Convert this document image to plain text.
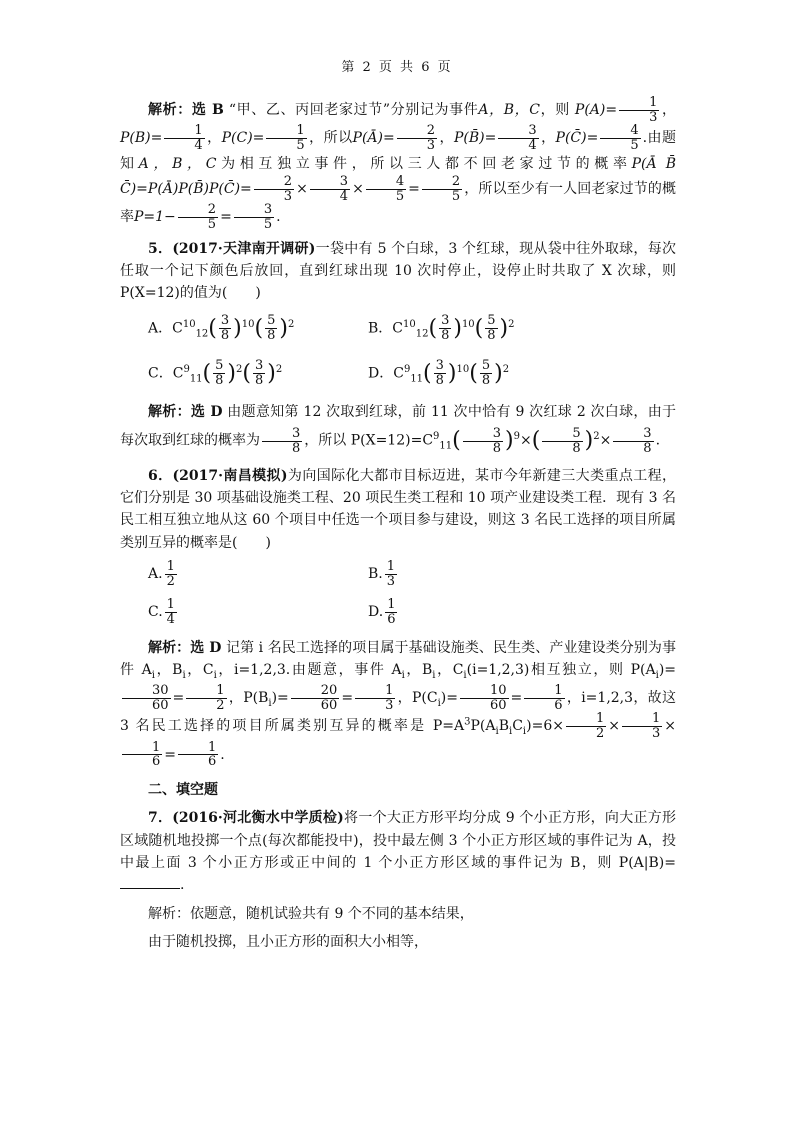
第 2 页 共 6 页

解析：选 B “甲、乙、丙回老家过节”分别记为事件A，B，C，则 $P(A)= \frac{1}{3}$ ，$P(B)= \frac{1}{4}$ ，$P(C)= \frac{1}{5}$ ，所以P(Ā)= $\frac{2}{3}$ ，P(B̄)= $\frac{3}{4}$ ，P(C̄)= $\frac{4}{5}$ .由题知A，B，C为相互独立事件，所以三人都不回老家过节的概率P(Ā B̄ C̄)=P(Ā)P(B̄)P(C̄)= $\frac{2}{3} \times \frac{3}{4} \times \frac{4}{5} = \frac{2}{5}$ ，所以至少有一人回老家过节的概率$P=1- \frac{2}{5} = \frac{3}{5}$ .

5．(2017·天津南开调研)一袋中有 5 个白球，3 个红球，现从袋中往外取球，每次任取一个记下颜色后放回，直到红球出现 10 次时停止，设停止时共取了 X 次球，则 P(X=12)的值为(　　)

A．$C^{10}_{12}( \frac{3}{8} )^{10}( \frac{5}{8} )^2$	B．$C^{10}_{12}( \frac{3}{8} )^{10}( \frac{5}{8} )^2$
C．$C^9_{11}( \frac{5}{8} )^2( \frac{3}{8} )^2$	D．$C^9_{11}( \frac{3}{8} )^{10}( \frac{5}{8} )^2$

解析：选 D 由题意知第 12 次取到红球，前 11 次中恰有 9 次红球 2 次白球，由于每次取到红球的概率为 $\frac{3}{8}$ ，所以 $P(X=12)=C^9_{11}( \frac{3}{8} )^9\times( \frac{5}{8} )^2\times \frac{3}{8}$ .

6．(2017·南昌模拟)为向国际化大都市目标迈进，某市今年新建三大类重点工程，它们分别是 30 项基础设施类工程、20 项民生类工程和 10 项产业建设类工程．现有 3 名民工相互独立地从这 60 个项目中任选一个项目参与建设，则这 3 名民工选择的项目所属类别互异的概率是(　　)

A. $\frac{1}{2}$	B. $\frac{1}{3}$
C. $\frac{1}{4}$	D. $\frac{1}{6}$

解析：选 D 记第 i 名民工选择的项目属于基础设施类、民生类、产业建设类分别为事件 $A_i$，$B_i$，$C_i$，i=1,2,3.由题意，事件 $A_i$，$B_i$，$C_i(i=1,2,3)$相互独立，则 $P(A_i)=$
$\frac{30}{60} = \frac{1}{2}$ ，$P(B_i)= \frac{20}{60} = \frac{1}{3}$ ，$P(C_i)= \frac{10}{60} = \frac{1}{6}$ ，i=1,2,3，故这 3 名民工选择的项目所属类别互异的概率是 $P=A^3P(A_iB_iC_i)=6\times \frac{1}{2} \times \frac{1}{3}$ ×
$\frac{1}{6} = \frac{1}{6}$ .

二、填空题

7．(2016·河北衡水中学质检)将一个大正方形平均分成 9 个小正方形，向大正方形区域随机地投掷一个点(每次都能投中)，投中最左侧 3 个小正方形区域的事件记为 A，投中最上面 3 个小正方形或正中间的 1 个小正方形区域的事件记为 B，则 P(A|B)=.

解析：依题意，随机试验共有 9 个不同的基本结果，

由于随机投掷，且小正方形的面积大小相等，
